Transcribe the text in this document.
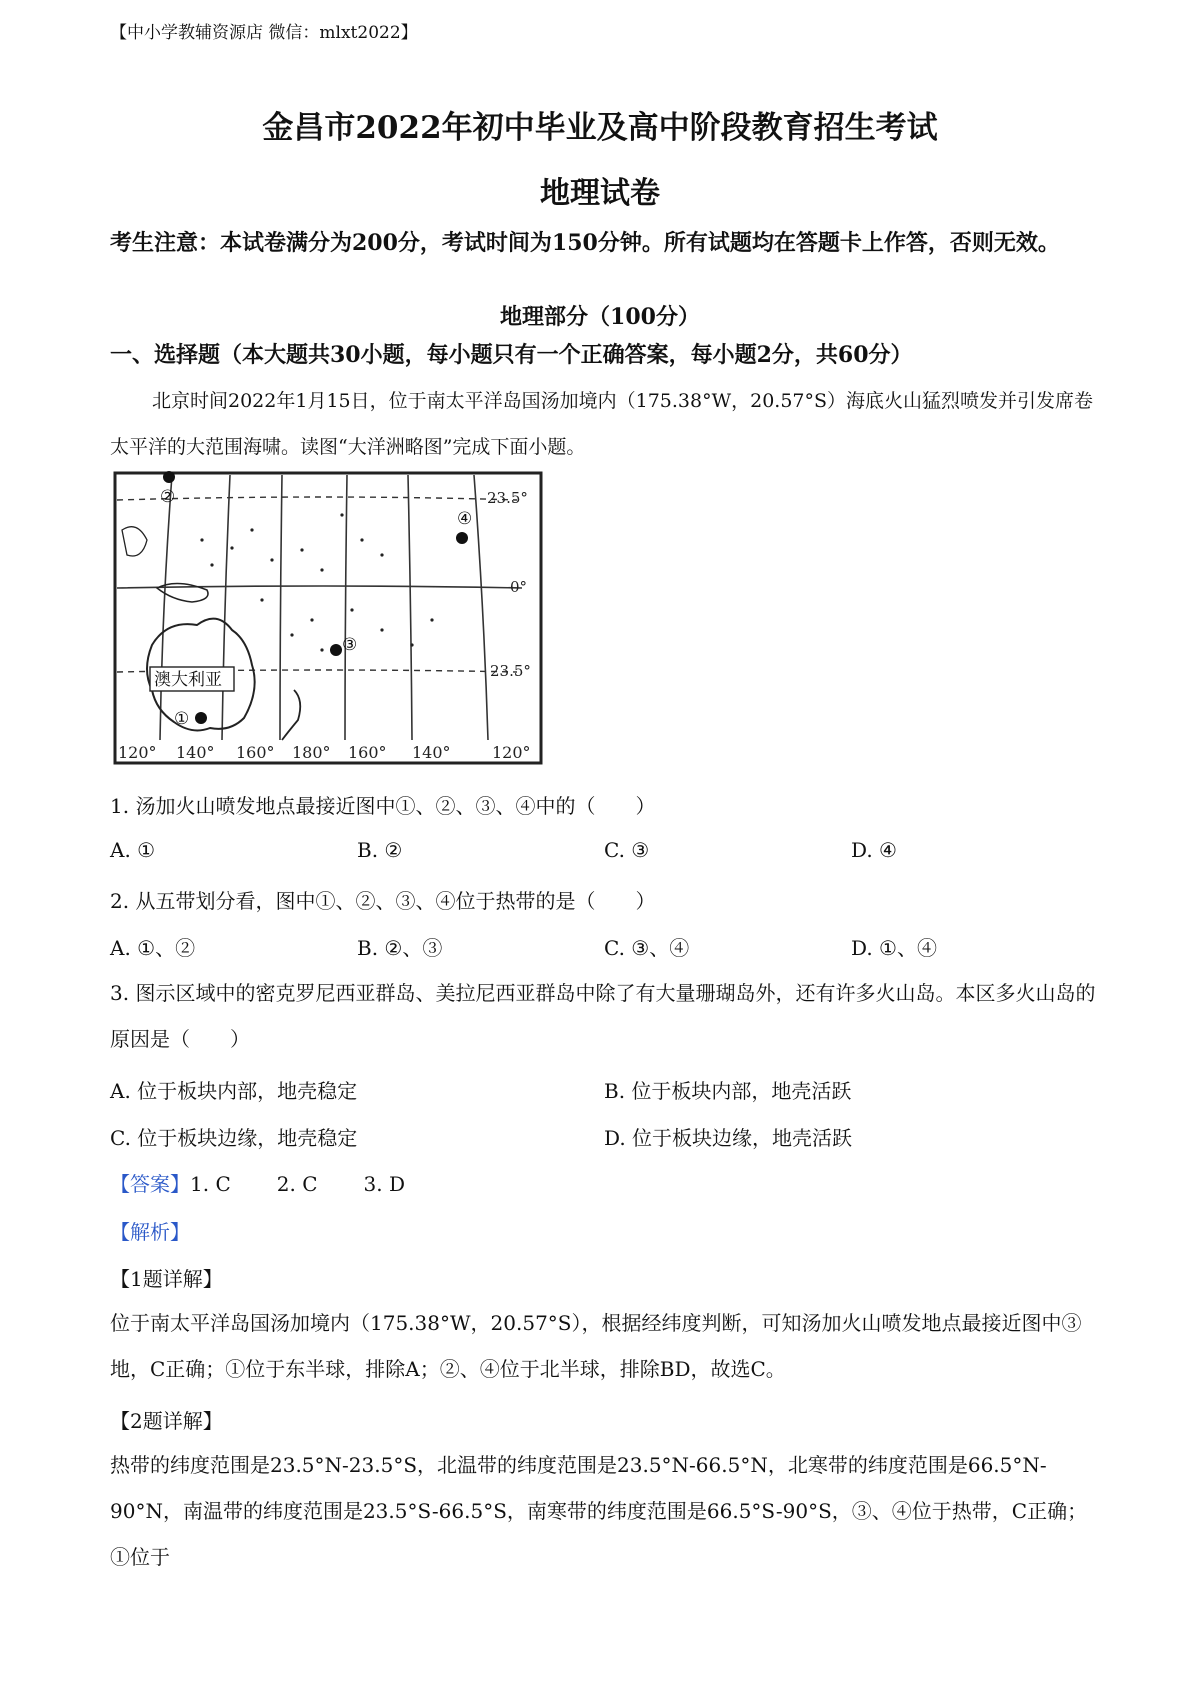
【中小学教辅资源店 微信：mlxt2022】
金昌市2022年初中毕业及高中阶段教育招生考试
地理试卷
考生注意：本试卷满分为200分，考试时间为150分钟。所有试题均在答题卡上作答，否则无效。
地理部分（100分）
一、选择题（本大题共30小题，每小题只有一个正确答案，每小题2分，共60分）
北京时间2022年1月15日，位于南太平洋岛国汤加境内（175.38°W，20.57°S）海底火山猛烈喷发并引发席卷太平洋的大范围海啸。读图“大洋洲略图”完成下面小题。
23.5°
0°
23.5°
澳大利亚
②
④
③
①
120° 140° 160° 180° 160° 140°	120°
1. 汤加火山喷发地点最接近图中①、②、③、④中的（　　）
A. ①	B. ②	C. ③	D. ④
2. 从五带划分看，图中①、②、③、④位于热带的是（　　）
A. ①、②	B. ②、③	C. ③、④	D. ①、④
3. 图示区域中的密克罗尼西亚群岛、美拉尼西亚群岛中除了有大量珊瑚岛外，还有许多火山岛。本区多火山岛的原因是（　　）
A. 位于板块内部，地壳稳定	B. 位于板块内部，地壳活跃
C. 位于板块边缘，地壳稳定	D. 位于板块边缘，地壳活跃
【答案】1. C 2. C 3. D
【解析】
【1题详解】
位于南太平洋岛国汤加境内（175.38°W，20.57°S），根据经纬度判断，可知汤加火山喷发地点最接近图中③地，C正确；①位于东半球，排除A；②、④位于北半球，排除BD，故选C。
【2题详解】
热带的纬度范围是23.5°N-23.5°S，北温带的纬度范围是23.5°N-66.5°N，北寒带的纬度范围是66.5°N-90°N，南温带的纬度范围是23.5°S-66.5°S，南寒带的纬度范围是66.5°S-90°S，③、④位于热带，C正确；①位于
